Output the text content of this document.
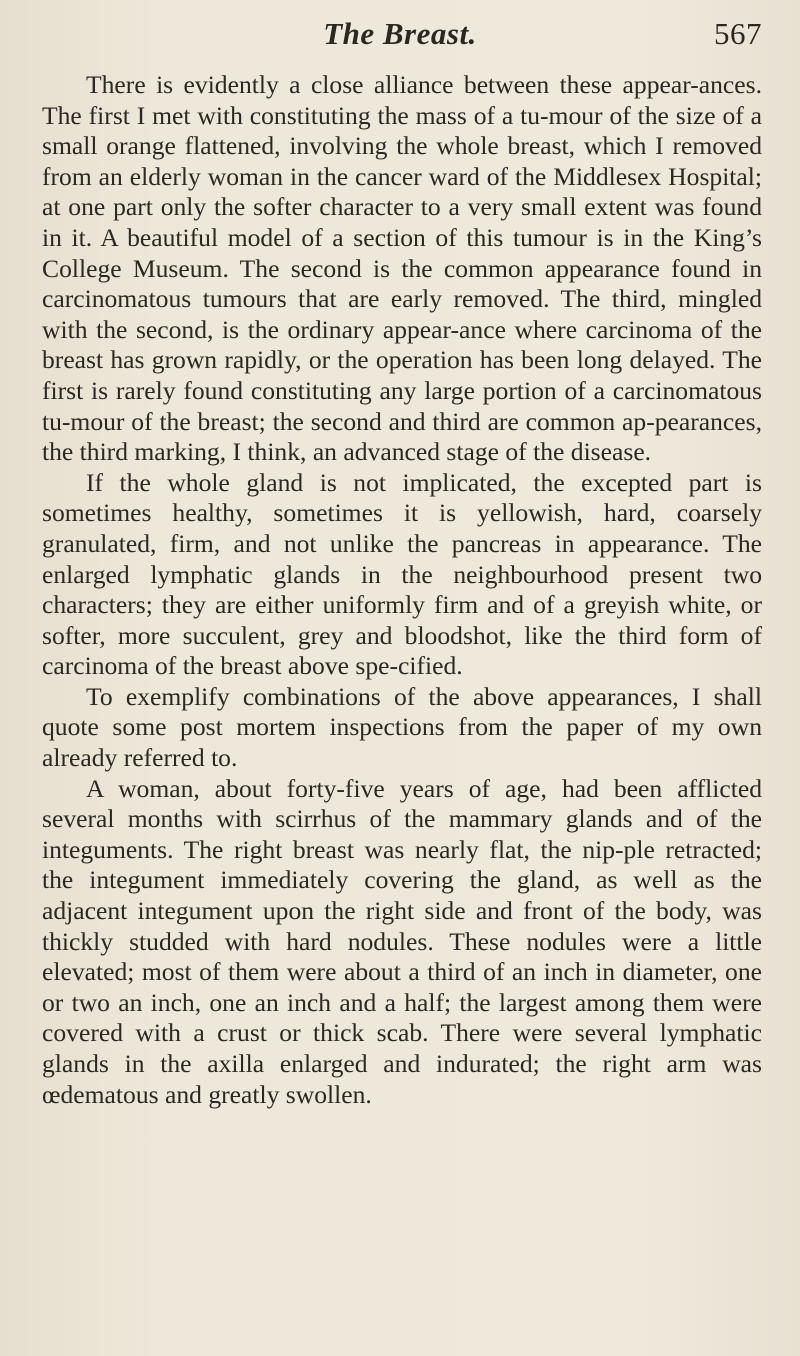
The Breast.	567

There is evidently a close alliance between these appear-ances. The first I met with constituting the mass of a tu-mour of the size of a small orange flattened, involving the whole breast, which I removed from an elderly woman in the cancer ward of the Middlesex Hospital; at one part only the softer character to a very small extent was found in it. A beautiful model of a section of this tumour is in the King’s College Museum. The second is the common appearance found in carcinomatous tumours that are early removed. The third, mingled with the second, is the ordinary appear-ance where carcinoma of the breast has grown rapidly, or the operation has been long delayed. The first is rarely found constituting any large portion of a carcinomatous tu-mour of the breast; the second and third are common ap-pearances, the third marking, I think, an advanced stage of the disease.

If the whole gland is not implicated, the excepted part is sometimes healthy, sometimes it is yellowish, hard, coarsely granulated, firm, and not unlike the pancreas in appearance. The enlarged lymphatic glands in the neighbourhood present two characters; they are either uniformly firm and of a greyish white, or softer, more succulent, grey and bloodshot, like the third form of carcinoma of the breast above spe-cified.

To exemplify combinations of the above appearances, I shall quote some post mortem inspections from the paper of my own already referred to.

A woman, about forty-five years of age, had been afflicted several months with scirrhus of the mammary glands and of the integuments. The right breast was nearly flat, the nip-ple retracted; the integument immediately covering the gland, as well as the adjacent integument upon the right side and front of the body, was thickly studded with hard nodules. These nodules were a little elevated; most of them were about a third of an inch in diameter, one or two an inch, one an inch and a half; the largest among them were covered with a crust or thick scab. There were several lymphatic glands in the axilla enlarged and indurated; the right arm was œdematous and greatly swollen.
